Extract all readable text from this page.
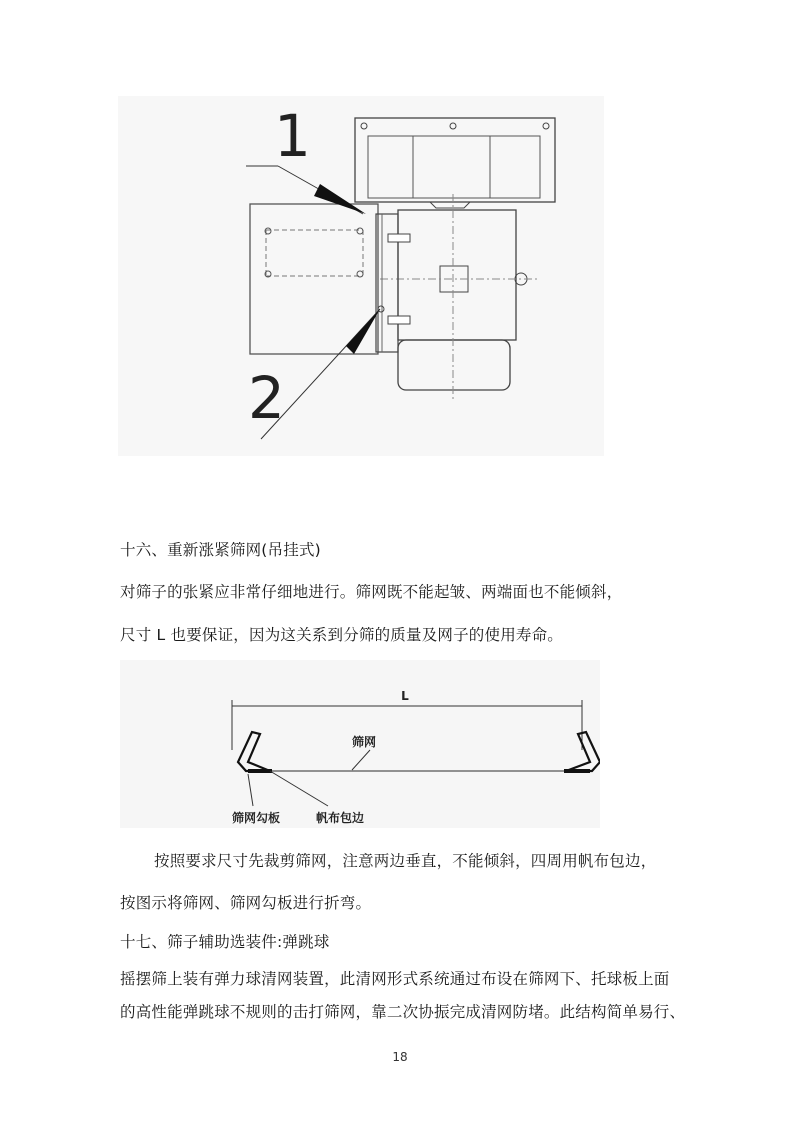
1
2
十六、重新涨紧筛网(吊挂式)
对筛子的张紧应非常仔细地进行。筛网既不能起皱、两端面也不能倾斜，
尺寸 L 也要保证，因为这关系到分筛的质量及网子的使用寿命。
L
筛网
筛网勾板	帆布包边
按照要求尺寸先裁剪筛网，注意两边垂直，不能倾斜，四周用帆布包边，
按图示将筛网、筛网勾板进行折弯。
十七、筛子辅助选装件:弹跳球
摇摆筛上装有弹力球清网装置，此清网形式系统通过布设在筛网下、托球板上面
的高性能弹跳球不规则的击打筛网，靠二次协振完成清网防堵。此结构简单易行、
18
